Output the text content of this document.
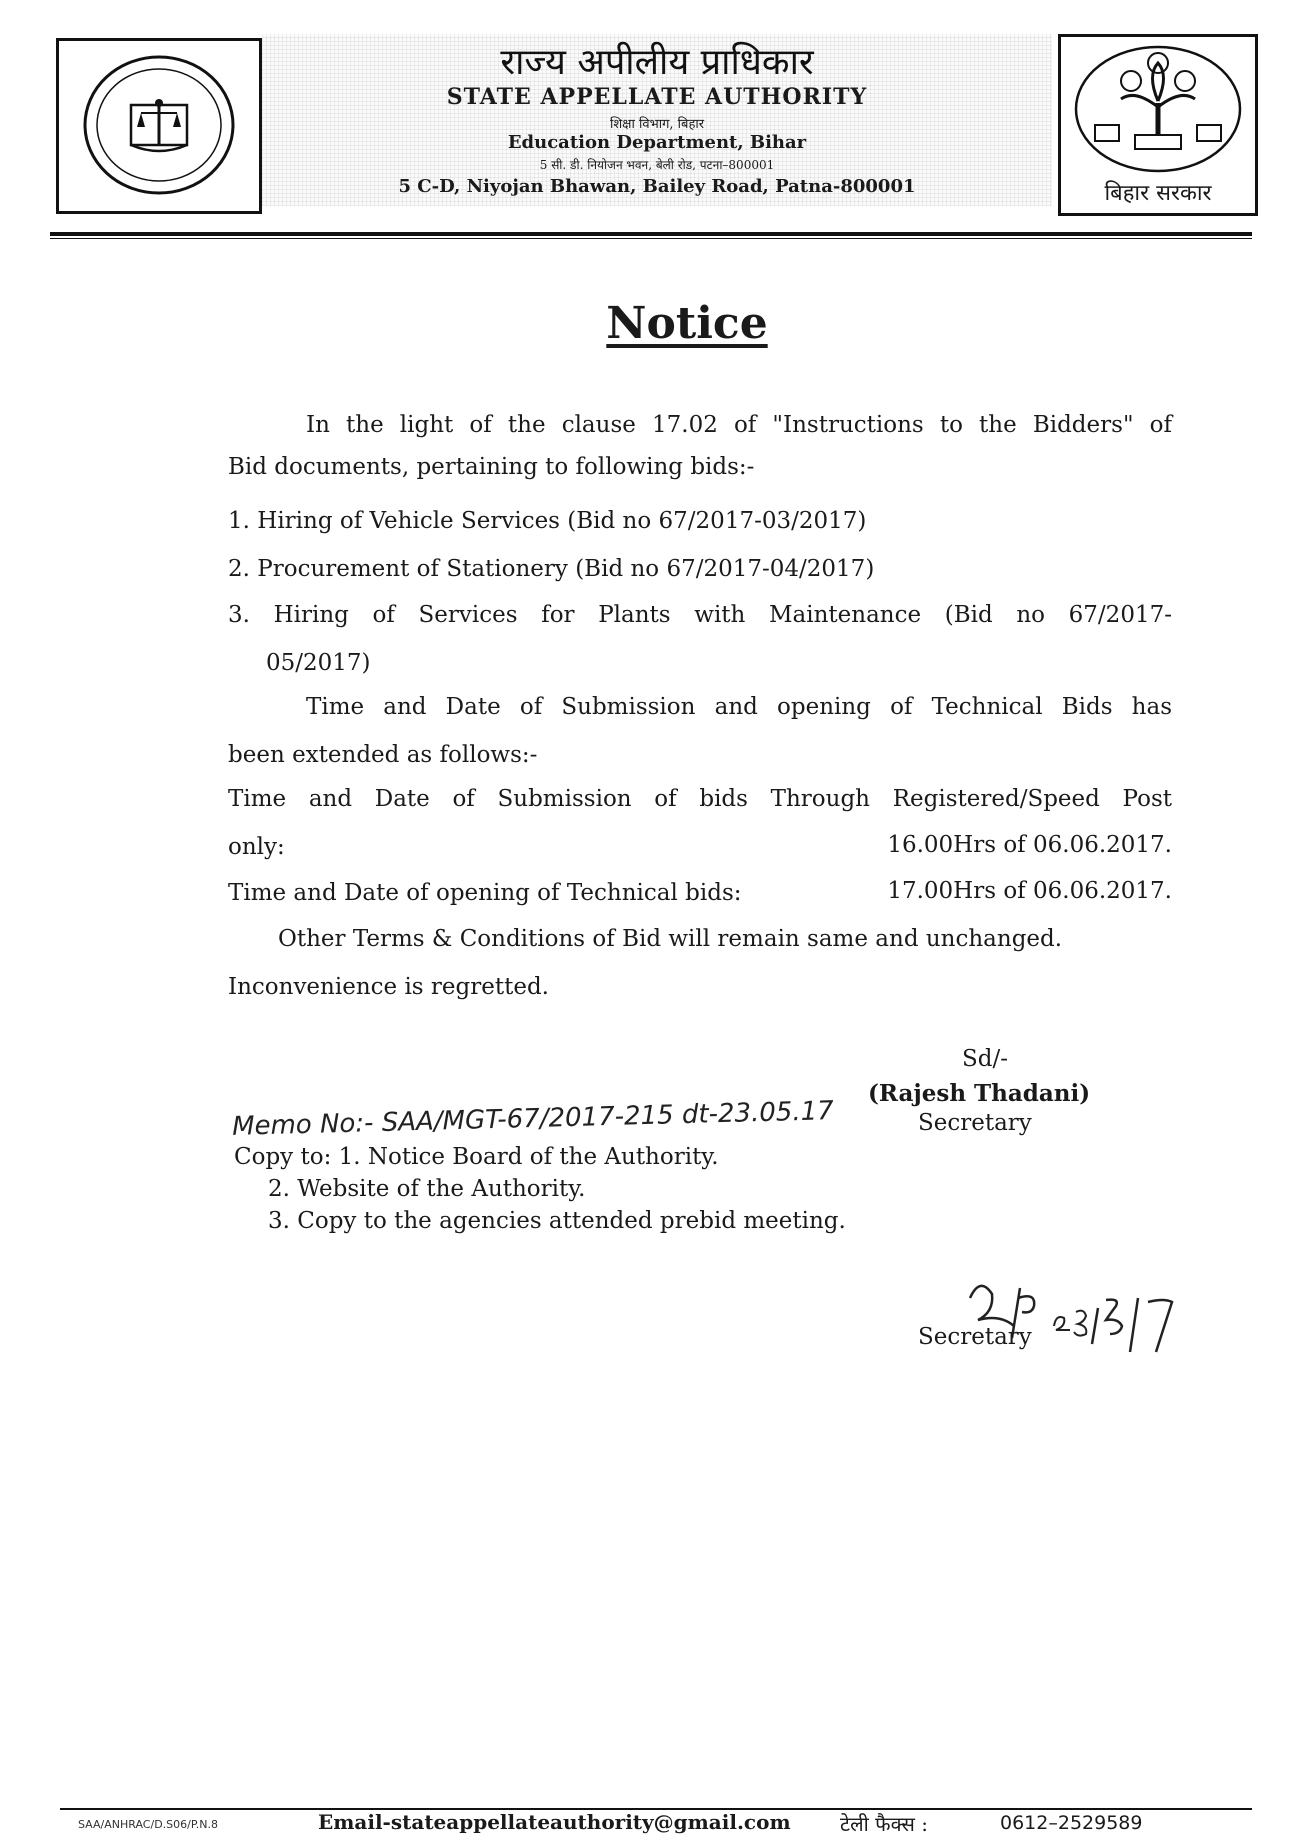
राज्य अपीलीय प्राधिकार
STATE APPELLATE AUTHORITY
शिक्षा विभाग, बिहार
Education Department, Bihar
5 सी. डी. नियोजन भवन, बेली रोड, पटना–800001
5 C-D, Niyojan Bhawan, Bailey Road, Patna-800001	बिहार सरकार
Notice
In the light of the clause 17.02 of "Instructions to the Bidders" of
Bid documents, pertaining to following bids:-
1. Hiring of Vehicle Services (Bid no 67/2017-03/2017)
2. Procurement of Stationery (Bid no 67/2017-04/2017)
3. Hiring of Services for Plants with Maintenance (Bid no 67/2017-
05/2017)
Time and Date of Submission and opening of Technical Bids has
been extended as follows:-
Time and Date of Submission of bids Through Registered/Speed Post
only:	16.00Hrs of 06.06.2017.
Time and Date of opening of Technical bids:	17.00Hrs of 06.06.2017.
Other Terms & Conditions of Bid will remain same and unchanged.
Inconvenience is regretted.
Sd/-
(Rajesh Thadani)
Secretary
Memo No:- SAA/MGT-67/2017-215 dt-23.05.17
Copy to: 1. Notice Board of the Authority.
2. Website of the Authority.
3. Copy to the agencies attended prebid meeting.
Secretary
SAA/ANHRAC/D.S06/P.N.8	Email-stateappellateauthority@gmail.com टेली फैक्स :	0612–2529589
